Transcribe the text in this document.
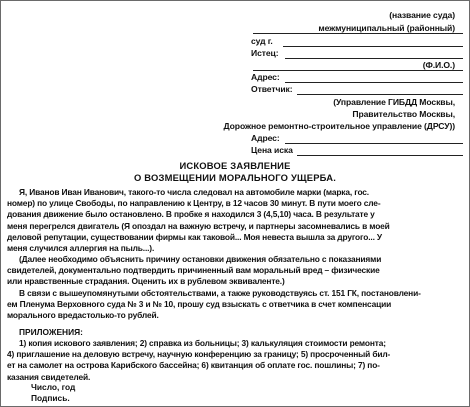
(название суда)
межмуниципальный (районный)
суд г.
Истец:
(Ф.И.О.)
Адрес:
Ответчик:
(Управление ГИБДД Москвы,
Правительство Москвы,
Дорожное ремонтно-строительное управление (ДРСУ))
Адрес:
Цена иска
ИСКОВОЕ ЗАЯВЛЕНИЕ
О ВОЗМЕЩЕНИИ МОРАЛЬНОГО УЩЕРБА.
Я, Иванов Иван Иванович, такого-то числа следовал на автомобиле марки (марка, гос.
номер) по улице Свободы, по направлению к Центру, в 12 часов 30 минут. В пути моего сле-
дования движение было остановлено. В пробке я находился 3 (4,5,10) часа. В результате у
меня перегрелся двигатель (Я опоздал на важную встречу, и партнеры засомневались в моей
деловой репутации, существовании фирмы как таковой... Моя невеста вышла за другого... У
меня случился аллергия на пыль...).
(Далее необходимо объяснить причину остановки движения обязательно с показаниями
свидетелей, документально подтвердить причиненный вам моральный вред – физические
или нравственные страдания. Оценить их в рублевом эквиваленте.)
В связи с вышеупомянутыми обстоятельствами, а также руководствуясь ст. 151 ГК, постановлени-
ем Пленума Верховного суда № 3 и № 10, прошу суд взыскать с ответчика в счет компенсации
морального вредастолько-то рублей.
ПРИЛОЖЕНИЯ:
1) копия искового заявления; 2) справка из больницы; 3) калькуляция стоимости ремонта;
4) приглашение на деловую встречу, научную конференцию за границу; 5) просроченный бил-
ет на самолет на острова Карибского бассейна; 6) квитанция об оплате гос. пошлины; 7) по-
казания свидетелей.
Число, год
Подпись.
